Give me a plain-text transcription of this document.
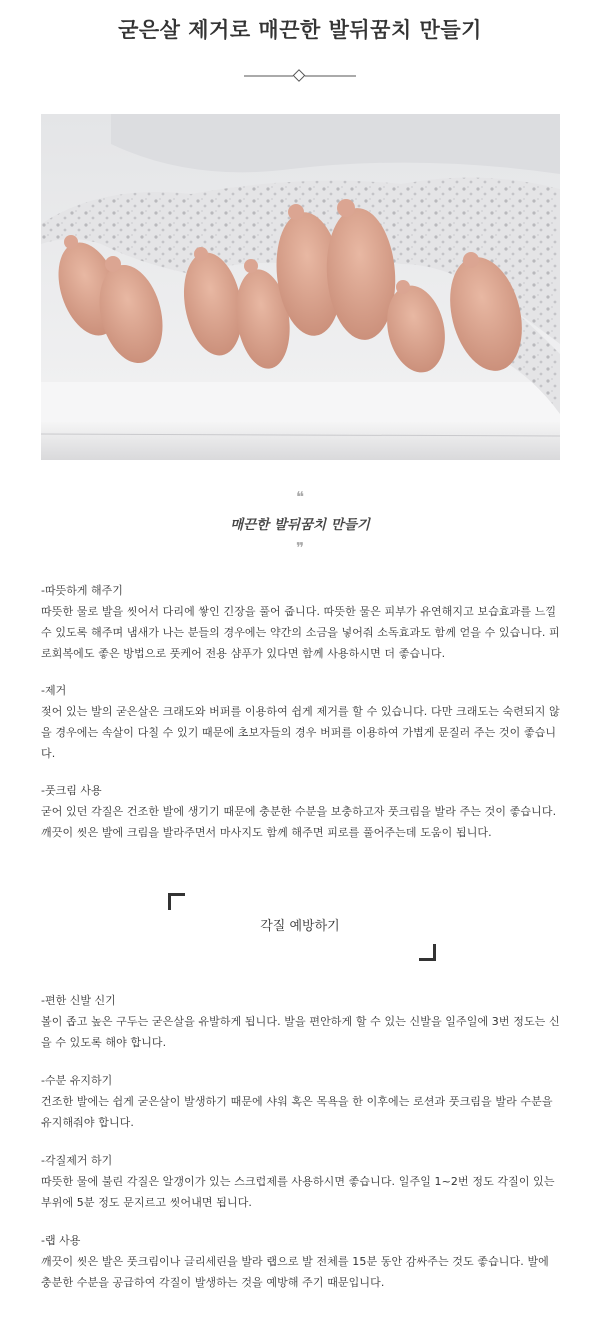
굳은살 제거로 매끈한 발뒤꿈치 만들기
❝
매끈한 발뒤꿈치 만들기
❞
-따뜻하게 해주기
따뜻한 물로 발을 씻어서 다리에 쌓인 긴장을 풀어 줍니다. 따뜻한 물은 피부가 유연해지고 보습효과를 느낄 수 있도록 해주며 냄새가 나는 분들의 경우에는 약간의 소금을 넣어줘 소독효과도 함께 얻을 수 있습니다. 피로회복에도 좋은 방법으로 풋케어 전용 샴푸가 있다면 함께 사용하시면 더 좋습니다.
-제거
젖어 있는 발의 굳은살은 크래도와 버퍼를 이용하여 쉽게 제거를 할 수 있습니다. 다만 크래도는 숙련되지 않을 경우에는 속살이 다칠 수 있기 때문에 초보자들의 경우 버퍼를 이용하여 가볍게 문질러 주는 것이 좋습니다.
-풋크림 사용
굳어 있던 각질은 건조한 발에 생기기 때문에 충분한 수분을 보충하고자 풋크림을 발라 주는 것이 좋습니다. 깨끗이 씻은 발에 크림을 발라주면서 마사지도 함께 해주면 피로를 풀어주는데 도움이 됩니다.
각질 예방하기
-편한 신발 신기
볼이 좁고 높은 구두는 굳은살을 유발하게 됩니다. 발을 편안하게 할 수 있는 신발을 일주일에 3번 정도는 신을 수 있도록 해야 합니다.
-수분 유지하기
건조한 발에는 쉽게 굳은살이 발생하기 때문에 샤워 혹은 목욕을 한 이후에는 로션과 풋크림을 발라 수분을 유지해줘야 합니다.
-각질제거 하기
따뜻한 물에 불린 각질은 알갱이가 있는 스크럽제를 사용하시면 좋습니다. 일주일 1~2번 정도 각질이 있는 부위에 5분 정도 문지르고 씻어내면 됩니다.
-랩 사용
깨끗이 씻은 발은 풋크림이나 글리세린을 발라 랩으로 발 전체를 15분 동안 감싸주는 것도 좋습니다. 발에 충분한 수분을 공급하여 각질이 발생하는 것을 예방해 주기 때문입니다.
